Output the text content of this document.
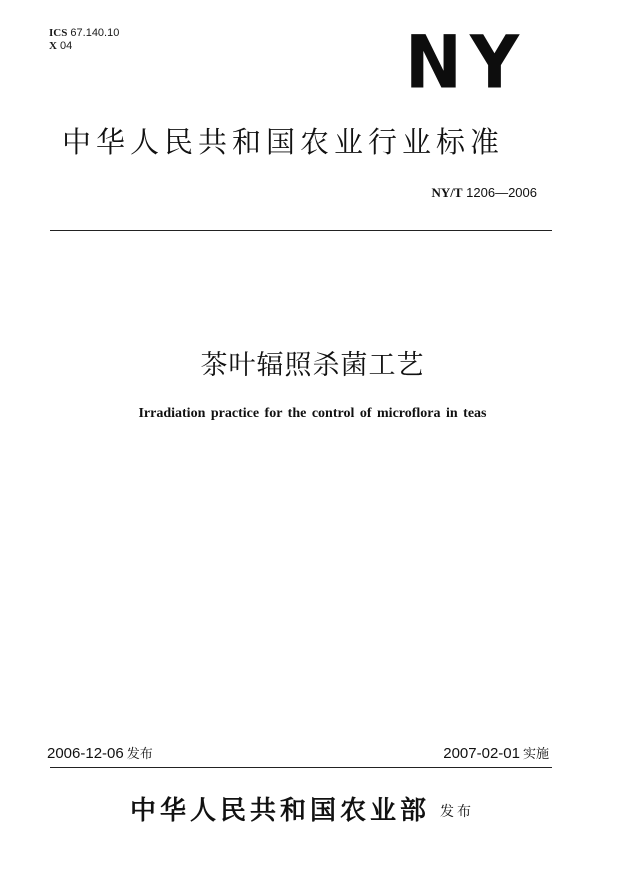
ICS 67.140.10
X 04	NY
中华人民共和国农业行业标准
NY/T 1206—2006
茶叶辐照杀菌工艺
Irradiation practice for the control of microflora in teas
2006-12-06 发布	2007-02-01 实施
中华人民共和国农业部 发布
